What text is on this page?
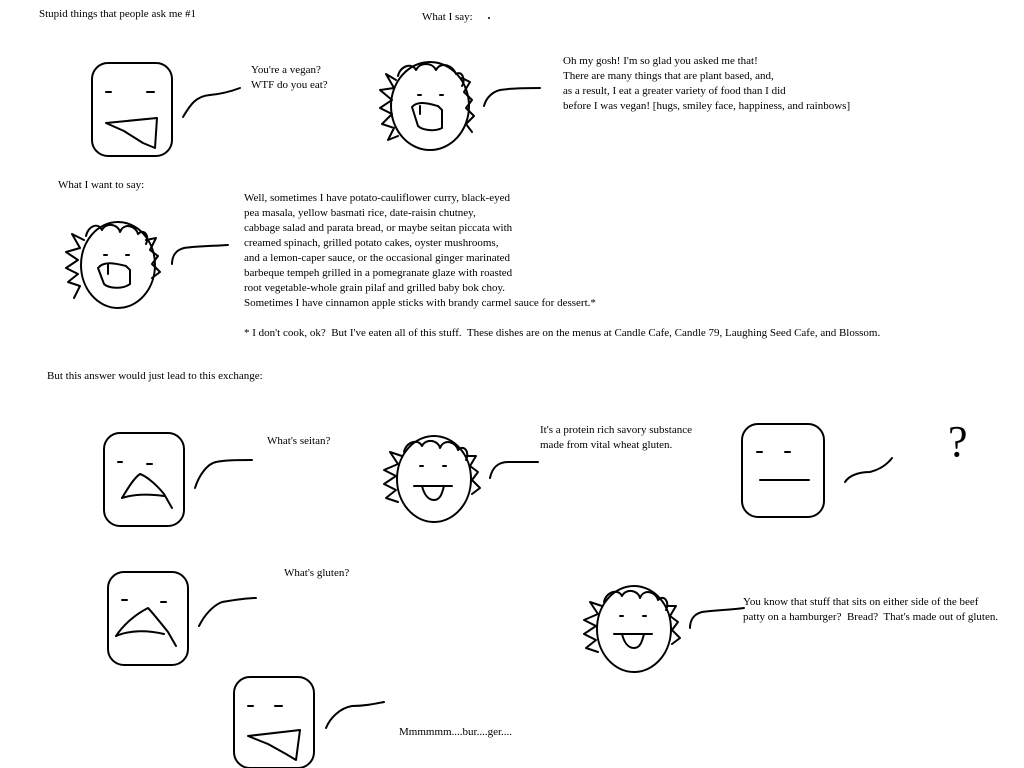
Stupid things that people ask me #1	What I say:
You're a vegan?
WTF do you eat?
Oh my gosh! I'm so glad you asked me that!
There are many things that are plant based, and,
as a result, I eat a greater variety of food than I did
before I was vegan! [hugs, smiley face, happiness, and rainbows]
What I want to say:
Well, sometimes I have potato-cauliflower curry, black-eyed
pea masala, yellow basmati rice, date-raisin chutney,
cabbage salad and parata bread, or maybe seitan piccata with
creamed spinach, grilled potato cakes, oyster mushrooms,
and a lemon-caper sauce, or the occasional ginger marinated
barbeque tempeh grilled in a pomegranate glaze with roasted
root vegetable-whole grain pilaf and grilled baby bok choy.
Sometimes I have cinnamon apple sticks with brandy carmel sauce for dessert.*
* I don't cook, ok?  But I've eaten all of this stuff.  These dishes are on the menus at Candle Cafe, Candle 79, Laughing Seed Cafe, and Blossom.
But this answer would just lead to this exchange:
What's seitan?
It's a protein rich savory substance
made from vital wheat gluten.	?
What's gluten?
You know that stuff that sits on either side of the beef
patty on a hamburger?  Bread?  That's made out of gluten.
Mmmmmm....bur....ger....
